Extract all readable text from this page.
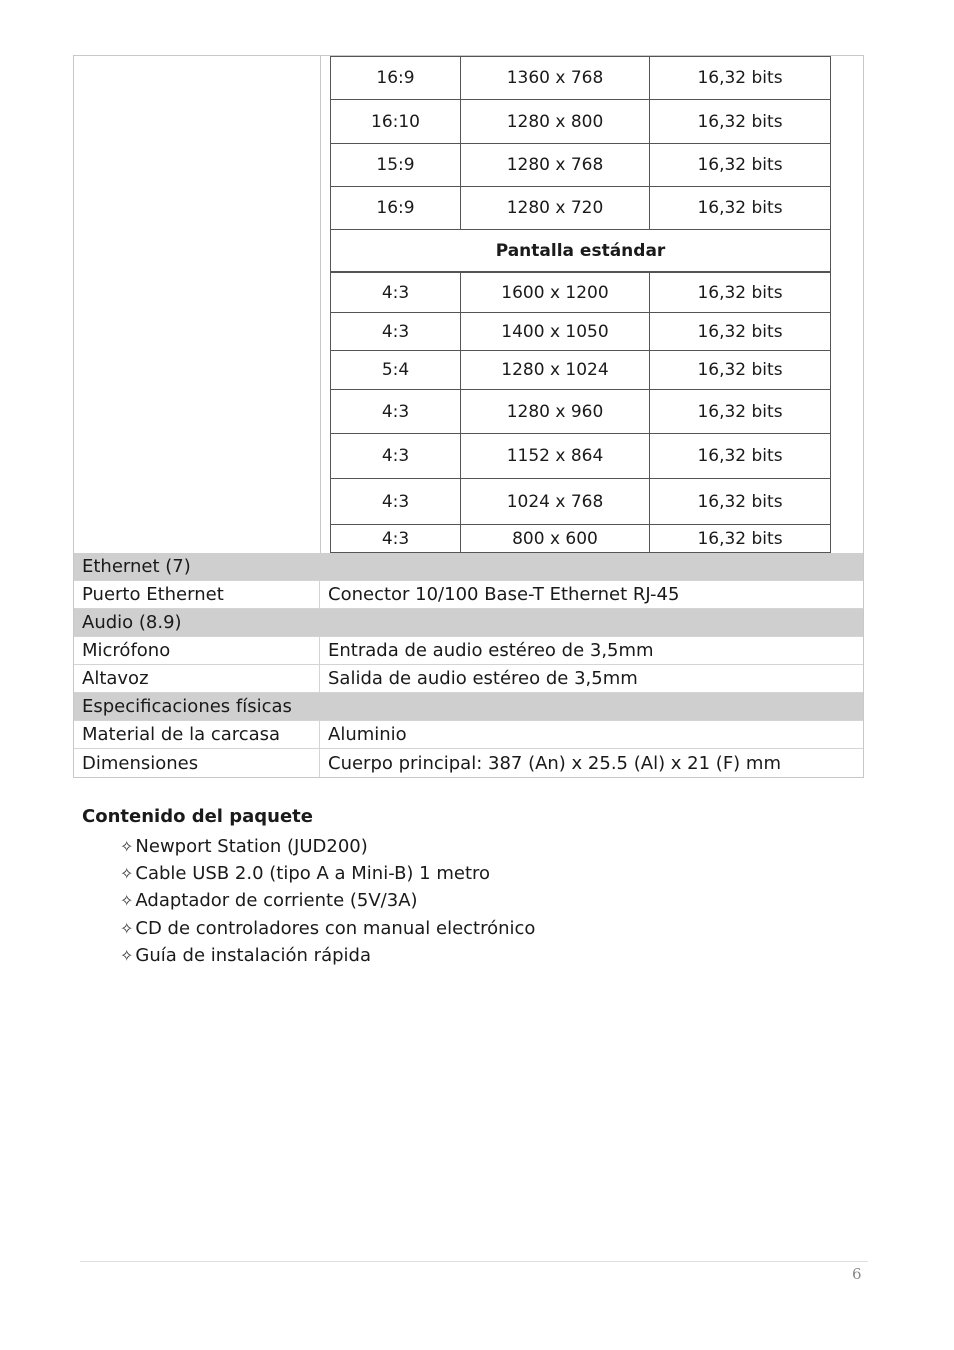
16:9	1360 x 768	16,32 bits
16:10	1280 x 800	16,32 bits
15:9	1280 x 768	16,32 bits
16:9	1280 x 720	16,32 bits
Pantalla estándar
4:3	1600 x 1200	16,32 bits
4:3	1400 x 1050	16,32 bits
5:4	1280 x 1024	16,32 bits
4:3	1280 x 960	16,32 bits
4:3	1152 x 864	16,32 bits
4:3	1024 x 768	16,32 bits
4:3	800 x 600	16,32 bits
Ethernet (7)
Puerto Ethernet	Conector 10/100 Base-T Ethernet RJ-45
Audio (8.9)
Micrófono	Entrada de audio estéreo de 3,5mm
Altavoz	Salida de audio estéreo de 3,5mm
Especificaciones físicas
Material de la carcasa	Aluminio
Dimensiones	Cuerpo principal: 387 (An) x 25.5 (Al) x 21 (F) mm
Contenido del paquete
✧ Newport Station (JUD200)
✧ Cable USB 2.0 (tipo A a Mini-B) 1 metro
✧ Adaptador de corriente (5V/3A)
✧ CD de controladores con manual electrónico
✧ Guía de instalación rápida
6
